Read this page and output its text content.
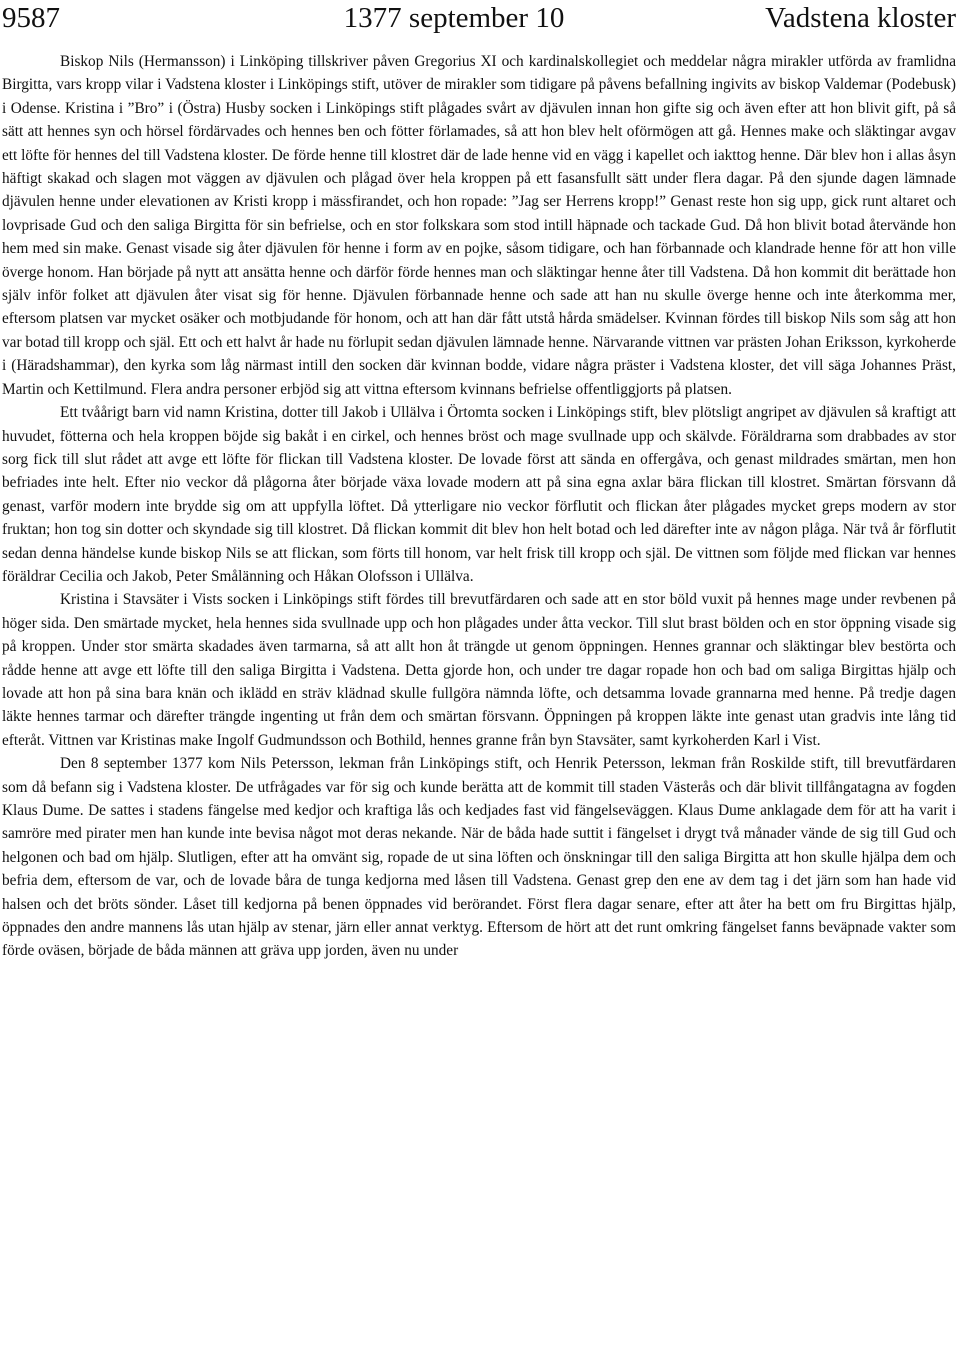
9587	1377 september 10	Vadstena kloster

Biskop Nils (Hermansson) i Linköping tillskriver påven Gregorius XI och kardinalskollegiet och meddelar några mirakler utförda av framlidna Birgitta, vars kropp vilar i Vadstena kloster i Linköpings stift, utöver de mirakler som tidigare på påvens befallning ingivits av biskop Valdemar (Podebusk) i Odense. Kristina i ”Bro” i (Östra) Husby socken i Linköpings stift plågades svårt av djävulen innan hon gifte sig och även efter att hon blivit gift, på så sätt att hennes syn och hörsel fördärvades och hennes ben och fötter förlamades, så att hon blev helt oförmögen att gå. Hennes make och släktingar avgav ett löfte för hennes del till Vadstena kloster. De förde henne till klostret där de lade henne vid en vägg i kapellet och iakttog henne. Där blev hon i allas åsyn häftigt skakad och slagen mot väggen av djävulen och plågad över hela kroppen på ett fasansfullt sätt under flera dagar. På den sjunde dagen lämnade djävulen henne under elevationen av Kristi kropp i mässfirandet, och hon ropade: ”Jag ser Herrens kropp!” Genast reste hon sig upp, gick runt altaret och lovprisade Gud och den saliga Birgitta för sin befrielse, och en stor folkskara som stod intill häpnade och tackade Gud. Då hon blivit botad återvände hon hem med sin make. Genast visade sig åter djävulen för henne i form av en pojke, såsom tidigare, och han förbannade och klandrade henne för att hon ville överge honom. Han började på nytt att ansätta henne och därför förde hennes man och släktingar henne åter till Vadstena. Då hon kommit dit berättade hon själv inför folket att djävulen åter visat sig för henne. Djävulen förbannade henne och sade att han nu skulle överge henne och inte återkomma mer, eftersom platsen var mycket osäker och motbjudande för honom, och att han där fått utstå hårda smädelser. Kvinnan fördes till biskop Nils som såg att hon var botad till kropp och själ. Ett och ett halvt år hade nu förlupit sedan djävulen lämnade henne. Närvarande vittnen var prästen Johan Eriksson, kyrkoherde i (Häradshammar), den kyrka som låg närmast intill den socken där kvinnan bodde, vidare några präster i Vadstena kloster, det vill säga Johannes Präst, Martin och Kettilmund. Flera andra personer erbjöd sig att vittna eftersom kvinnans befrielse offentliggjorts på platsen.

Ett tvåårigt barn vid namn Kristina, dotter till Jakob i Ullälva i Örtomta socken i Linköpings stift, blev plötsligt angripet av djävulen så kraftigt att huvudet, fötterna och hela kroppen böjde sig bakåt i en cirkel, och hennes bröst och mage svullnade upp och skälvde. Föräldrarna som drabbades av stor sorg fick till slut rådet att avge ett löfte för flickan till Vadstena kloster. De lovade först att sända en offergåva, och genast mildrades smärtan, men hon befriades inte helt. Efter nio veckor då plågorna åter började växa lovade modern att på sina egna axlar bära flickan till klostret. Smärtan försvann då genast, varför modern inte brydde sig om att uppfylla löftet. Då ytterligare nio veckor förflutit och flickan åter plågades mycket greps modern av stor fruktan; hon tog sin dotter och skyndade sig till klostret. Då flickan kommit dit blev hon helt botad och led därefter inte av någon plåga. När två år förflutit sedan denna händelse kunde biskop Nils se att flickan, som förts till honom, var helt frisk till kropp och själ. De vittnen som följde med flickan var hennes föräldrar Cecilia och Jakob, Peter Smålänning och Håkan Olofsson i Ullälva.

Kristina i Stavsäter i Vists socken i Linköpings stift fördes till brevutfärdaren och sade att en stor böld vuxit på hennes mage under revbenen på höger sida. Den smärtade mycket, hela hennes sida svullnade upp och hon plågades under åtta veckor. Till slut brast bölden och en stor öppning visade sig på kroppen. Under stor smärta skadades även tarmarna, så att allt hon åt trängde ut genom öppningen. Hennes grannar och släktingar blev bestörta och rådde henne att avge ett löfte till den saliga Birgitta i Vadstena. Detta gjorde hon, och under tre dagar ropade hon och bad om saliga Birgittas hjälp och lovade att hon på sina bara knän och iklädd en sträv klädnad skulle fullgöra nämnda löfte, och detsamma lovade grannarna med henne. På tredje dagen läkte hennes tarmar och därefter trängde ingenting ut från dem och smärtan försvann. Öppningen på kroppen läkte inte genast utan gradvis inte lång tid efteråt. Vittnen var Kristinas make Ingolf Gudmundsson och Bothild, hennes granne från byn Stavsäter, samt kyrkoherden Karl i Vist.

Den 8 september 1377 kom Nils Petersson, lekman från Linköpings stift, och Henrik Petersson, lekman från Roskilde stift, till brevutfärdaren som då befann sig i Vadstena kloster. De utfrågades var för sig och kunde berätta att de kommit till staden Västerås och där blivit tillfångatagna av fogden Klaus Dume. De sattes i stadens fängelse med kedjor och kraftiga lås och kedjades fast vid fängelseväggen. Klaus Dume anklagade dem för att ha varit i samröre med pirater men han kunde inte bevisa något mot deras nekande. När de båda hade suttit i fängelset i drygt två månader vände de sig till Gud och helgonen och bad om hjälp. Slutligen, efter att ha omvänt sig, ropade de ut sina löften och önskningar till den saliga Birgitta att hon skulle hjälpa dem och befria dem, eftersom de var, och de lovade båra de tunga kedjorna med låsen till Vadstena. Genast grep den ene av dem tag i det järn som han hade vid halsen och det bröts sönder. Låset till kedjorna på benen öppnades vid berörandet. Först flera dagar senare, efter att åter ha bett om fru Birgittas hjälp, öppnades den andre mannens lås utan hjälp av stenar, järn eller annat verktyg. Eftersom de hört att det runt omkring fängelset fanns beväpnade vakter som förde oväsen, började de båda männen att gräva upp jorden, även nu under
